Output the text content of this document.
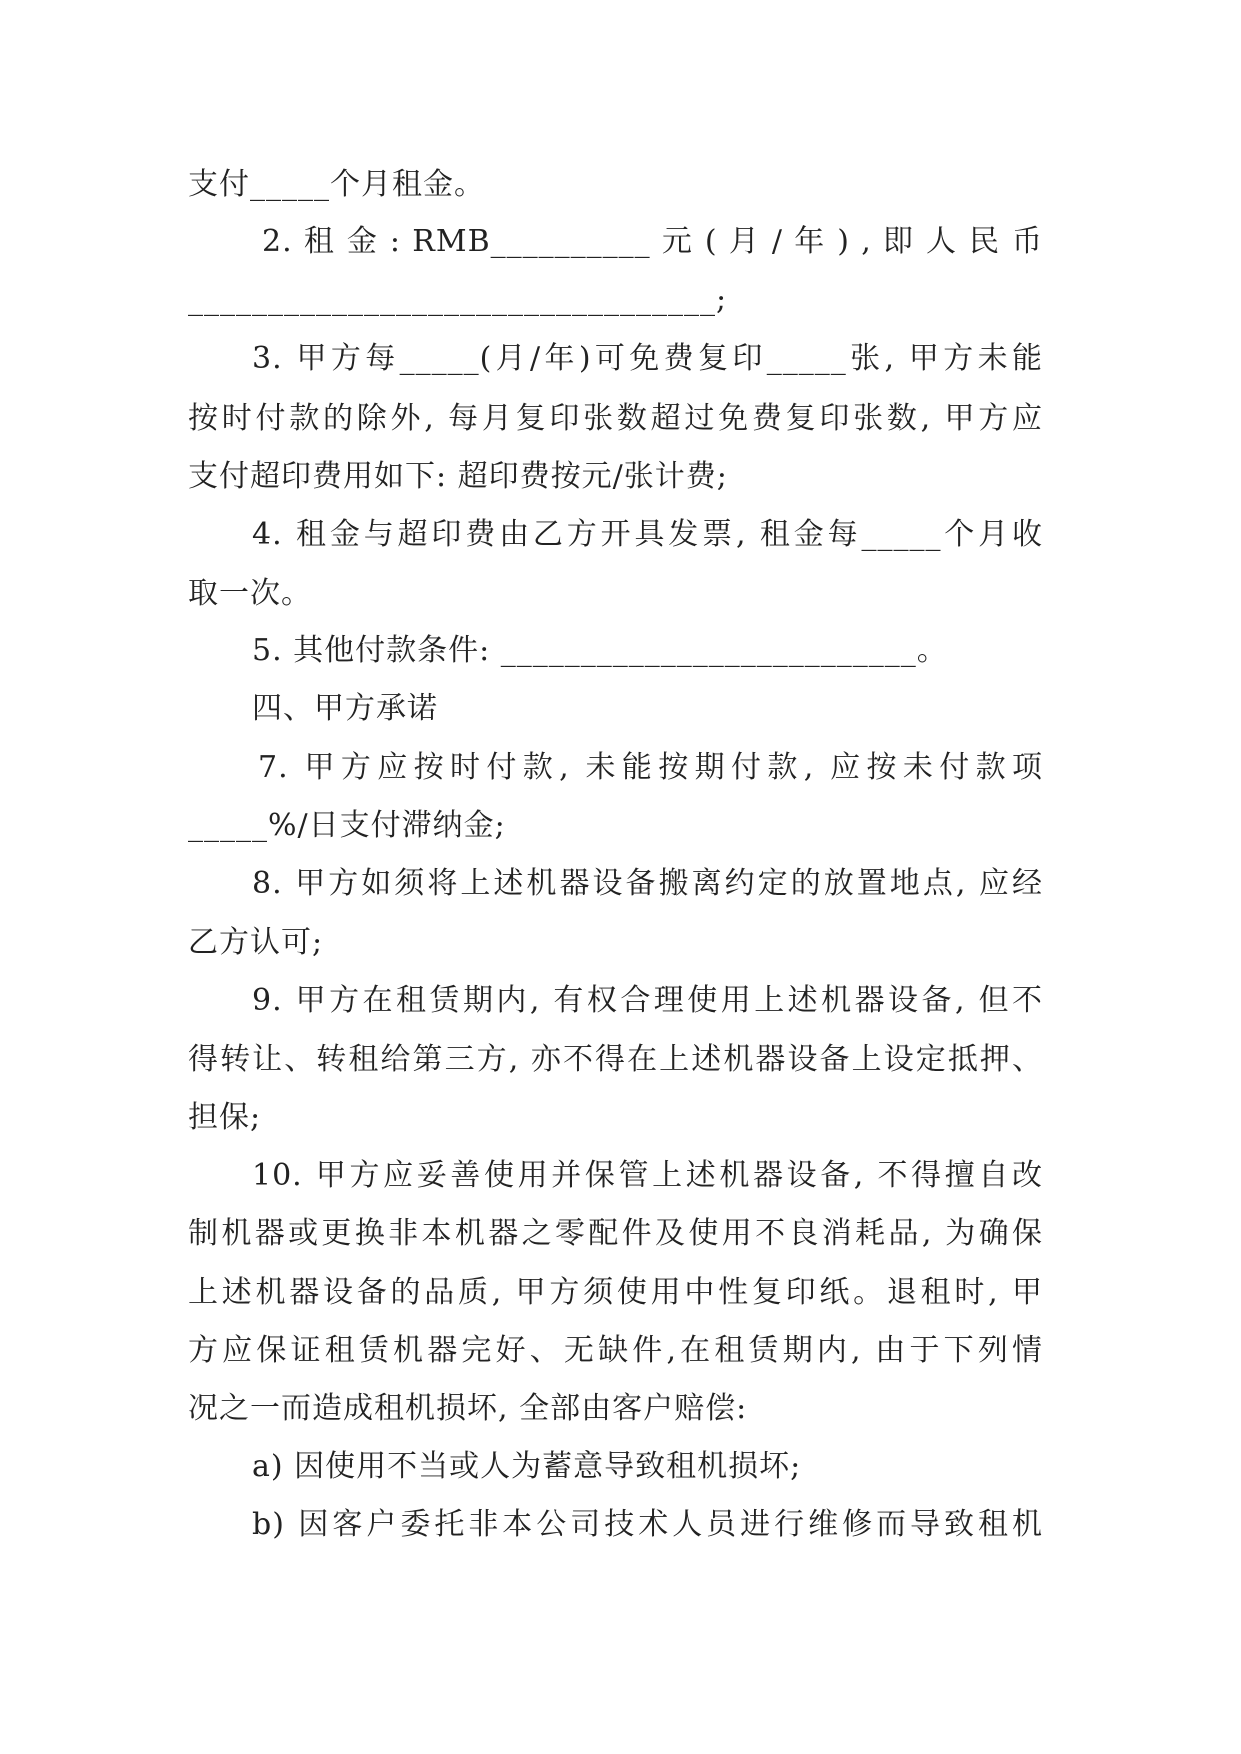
支付_____个月租金。
2. 租 金 : RMB__________ 元 ( 月 / 年 ) , 即 人 民 币
_________________________________;
3. 甲方每_____(月/年)可免费复印_____张, 甲方未能
按时付款的除外, 每月复印张数超过免费复印张数, 甲方应
支付超印费用如下: 超印费按元/张计费;
4. 租金与超印费由乙方开具发票, 租金每_____个月收
取一次。
5. 其他付款条件: __________________________。
四、甲方承诺
7. 甲方应按时付款, 未能按期付款, 应按未付款项
_____%/日支付滞纳金;
8. 甲方如须将上述机器设备搬离约定的放置地点, 应经
乙方认可;
9. 甲方在租赁期内, 有权合理使用上述机器设备, 但不
得转让、转租给第三方, 亦不得在上述机器设备上设定抵押、
担保;
10. 甲方应妥善使用并保管上述机器设备, 不得擅自改
制机器或更换非本机器之零配件及使用不良消耗品, 为确保
上述机器设备的品质, 甲方须使用中性复印纸。退租时, 甲
方应保证租赁机器完好、无缺件,在租赁期内, 由于下列情
况之一而造成租机损坏, 全部由客户赔偿:
a) 因使用不当或人为蓄意导致租机损坏;
b) 因客户委托非本公司技术人员进行维修而导致租机
